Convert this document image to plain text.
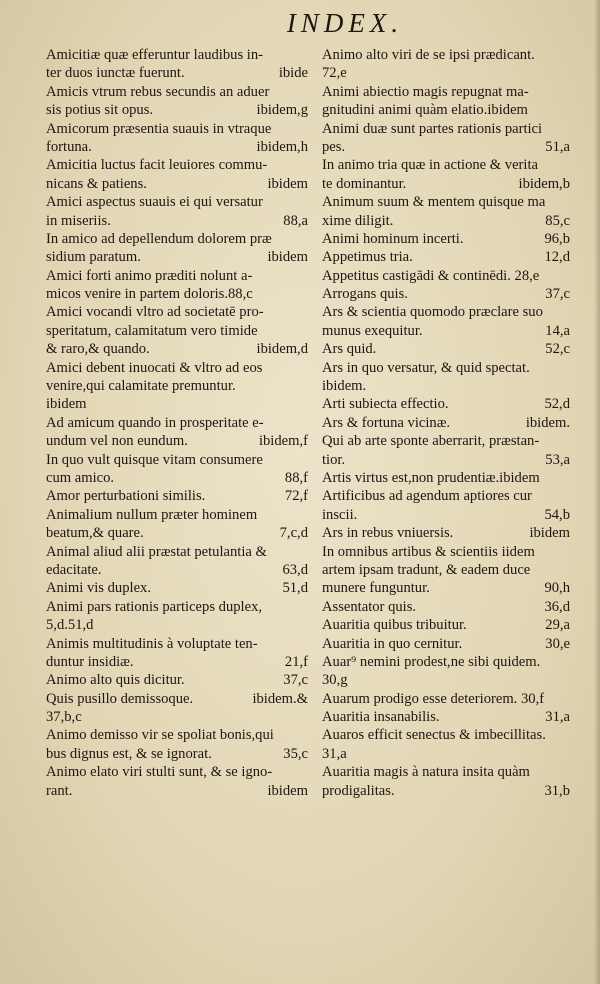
INDEX.
Amicitiæ quæ efferuntur laudibus in-
ter duos iunctæ fuerunt.	ibide
Amicis vtrum rebus secundis an aduer
sis potius sit opus.	ibidem,g
Amicorum præsentia suauis in vtraque
fortuna.	ibidem,h
Amicitia luctus facit leuiores commu-
nicans & patiens.	ibidem
Amici aspectus suauis ei qui versatur
in miseriis.	88,a
In amico ad depellendum dolorem præ
sidium paratum.	ibidem
Amici forti animo præditi nolunt a-
micos venire in partem doloris.88,c
Amici vocandi vltro ad societatē pro-
speritatum, calamitatum vero timide
& raro,& quando.	ibidem,d
Amici debent inuocati & vltro ad eos
venire,qui calamitate premuntur.
ibidem
Ad amicum quando in prosperitate e-
undum vel non eundum.	ibidem,f
In quo vult quisque vitam consumere
cum amico.	88,f
Amor perturbationi similis.	72,f
Animalium nullum præter hominem
beatum,& quare.	7,c,d
Animal aliud alii præstat petulantia &
edacitate.	63,d
Animi vis duplex.	51,d
Animi pars rationis particeps duplex,
5,d.51,d
Animis multitudinis à voluptate ten-
duntur insidiæ.	21,f
Animo alto quis dicitur.	37,c
Quis pusillo demissoque.	ibidem.&
37,b,c
Animo demisso vir se spoliat bonis,qui
bus dignus est, & se ignorat.	35,c
Animo elato viri stulti sunt, & se igno-
rant.	ibidem
Animo alto viri de se ipsi prædicant.
72,e
Animi abiectio magis repugnat ma-
gnitudini animi quàm elatio.ibidem
Animi duæ sunt partes rationis partici
pes.	51,a
In animo tria quæ in actione & verita
te dominantur.	ibidem,b
Animum suum & mentem quisque ma
xime diligit.	85,c
Animi hominum incerti.	96,b
Appetimus tria.	12,d
Appetitus castigādi & continēdi. 28,e
Arrogans quis.	37,c
Ars & scientia quomodo præclare suo
munus exequitur.	14,a
Ars quid.	52,c
Ars in quo versatur, & quid spectat.
ibidem.
Arti subiecta effectio.	52,d
Ars & fortuna vicinæ.	ibidem.
Qui ab arte sponte aberrarit, præstan-
tior.	53,a
Artis virtus est,non prudentiæ.ibidem
Artificibus ad agendum aptiores cur
inscii.	54,b
Ars in rebus vniuersis.	ibidem
In omnibus artibus & scientiis iidem
artem ipsam tradunt, & eadem duce
munere funguntur.	90,h
Assentator quis.	36,d
Auaritia quibus tribuitur.	29,a
Auaritia in quo cernitur.	30,e
Auar⁹ nemini prodest,ne sibi quidem.
30,g
Auarum prodigo esse deteriorem. 30,f
Auaritia insanabilis.	31,a
Auaros efficit senectus & imbecillitas.
31,a
Auaritia magis à natura insita quàm
prodigalitas.	31,b
